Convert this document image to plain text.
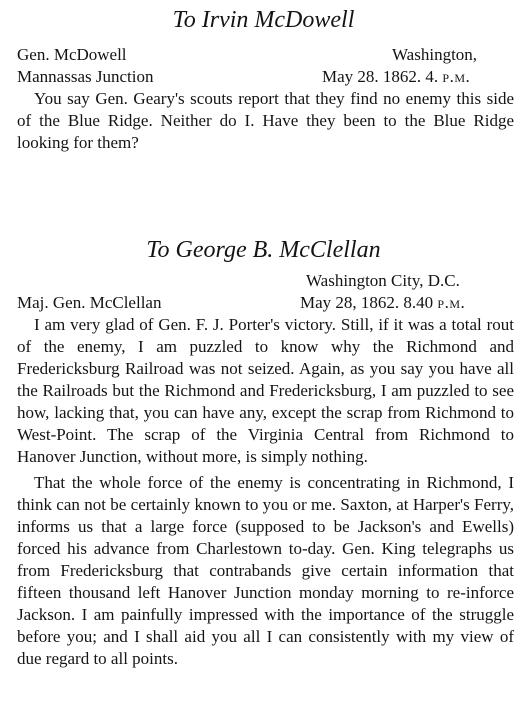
To Irvin McDowell
Gen. McDowell	Washington,
Mannassas Junction	May 28. 1862. 4. p.m.

You say Gen. Geary's scouts report that they find no enemy this side of the Blue Ridge. Neither do I. Have they been to the Blue Ridge looking for them?

To George B. McClellan
Washington City, D.C.
Maj. Gen. McClellan	May 28, 1862. 8.40 p.m.

I am very glad of Gen. F. J. Porter's victory. Still, if it was a total rout of the enemy, I am puzzled to know why the Richmond and Fredericksburg Railroad was not seized. Again, as you say you have all the Railroads but the Richmond and Fredericksburg, I am puzzled to see how, lacking that, you can have any, except the scrap from Richmond to West-Point. The scrap of the Virginia Central from Richmond to Hanover Junction, without more, is simply nothing.

That the whole force of the enemy is concentrating in Richmond, I think can not be certainly known to you or me. Saxton, at Harper's Ferry, informs us that a large force (supposed to be Jackson's and Ewells) forced his advance from Charlestown to-day. Gen. King telegraphs us from Fredericksburg that contrabands give certain information that fifteen thousand left Hanover Junction monday morning to re-inforce Jackson. I am painfully impressed with the importance of the struggle before you; and I shall aid you all I can consistently with my view of due regard to all points.
